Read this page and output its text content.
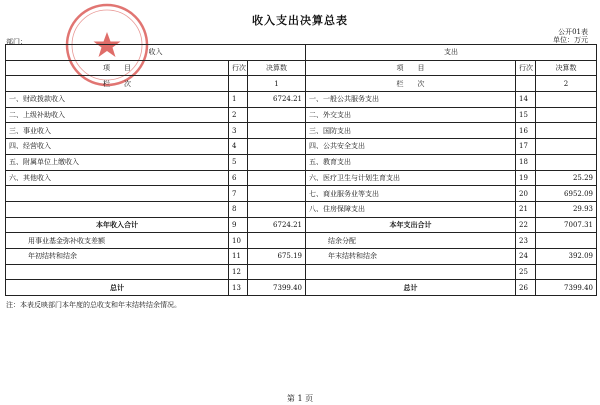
收入支出决算总表
公开01表
单位：万元
部门：
收入			支出		
项　　目	行次	决算数	项　　目	行次	决算数
栏　　次		1	栏　　次		2
一、财政拨款收入	1	6724.21	一、一般公共服务支出	14	
二、上级补助收入	2		二、外交支出	15	
三、事业收入	3		三、国防支出	16	
四、经营收入	4		四、公共安全支出	17	
五、附属单位上缴收入	5		五、教育支出	18	
六、其他收入	6		六、医疗卫生与计划生育支出	19	25.29
	7		七、商业服务业等支出	20	6952.09
	8		八、住房保障支出	21	29.93
本年收入合计	9	6724.21	本年支出合计	22	7007.31
用事业基金弥补收支差额	10		结余分配	23	
年初结转和结余	11	675.19	年末结转和结余	24	392.09
	12			25	
总计	13	7399.40	总计	26	7399.40
注：本表反映部门本年度的总收支和年末结转结余情况。
第 1 页
